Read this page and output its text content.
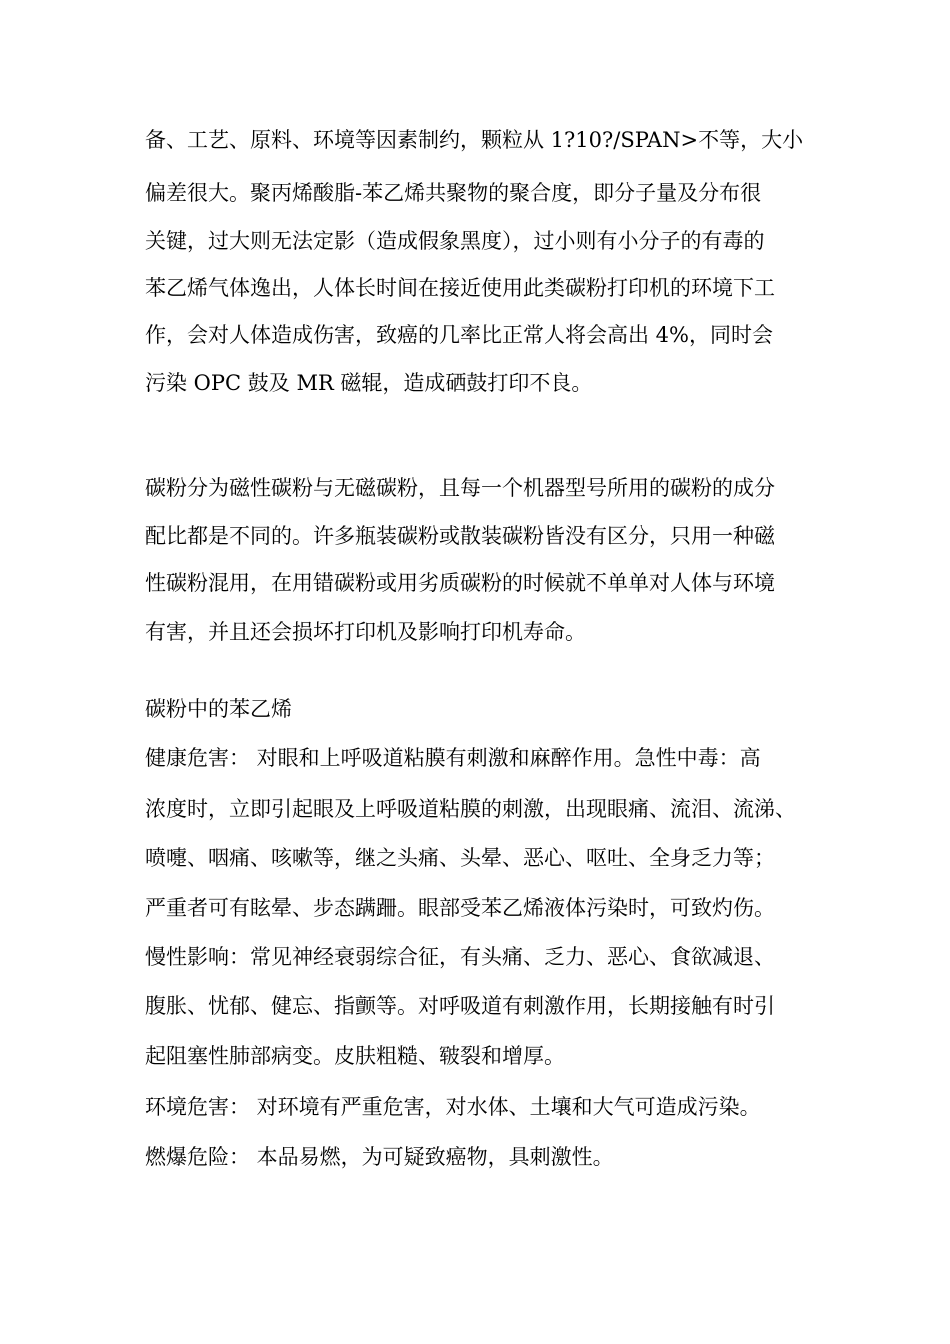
备、工艺、原料、环境等因素制约，颗粒从 1?10?/SPAN>不等，大小
偏差很大。聚丙烯酸脂-苯乙烯共聚物的聚合度，即分子量及分布很
关键，过大则无法定影（造成假象黑度），过小则有小分子的有毒的
苯乙烯气体逸出，人体长时间在接近使用此类碳粉打印机的环境下工
作，会对人体造成伤害，致癌的几率比正常人将会高出 4%，同时会
污染 OPC 鼓及 MR 磁辊，造成硒鼓打印不良。
碳粉分为磁性碳粉与无磁碳粉，且每一个机器型号所用的碳粉的成分
配比都是不同的。许多瓶装碳粉或散装碳粉皆没有区分，只用一种磁
性碳粉混用，在用错碳粉或用劣质碳粉的时候就不单单对人体与环境
有害，并且还会损坏打印机及影响打印机寿命。
碳粉中的苯乙烯
健康危害： 对眼和上呼吸道粘膜有刺激和麻醉作用。急性中毒：高
浓度时，立即引起眼及上呼吸道粘膜的刺激，出现眼痛、流泪、流涕、
喷嚏、咽痛、咳嗽等，继之头痛、头晕、恶心、呕吐、全身乏力等；
严重者可有眩晕、步态蹒跚。眼部受苯乙烯液体污染时，可致灼伤。
慢性影响：常见神经衰弱综合征，有头痛、乏力、恶心、食欲减退、
腹胀、忧郁、健忘、指颤等。对呼吸道有刺激作用，长期接触有时引
起阻塞性肺部病变。皮肤粗糙、皲裂和增厚。
环境危害： 对环境有严重危害，对水体、土壤和大气可造成污染。
燃爆危险： 本品易燃，为可疑致癌物，具刺激性。
